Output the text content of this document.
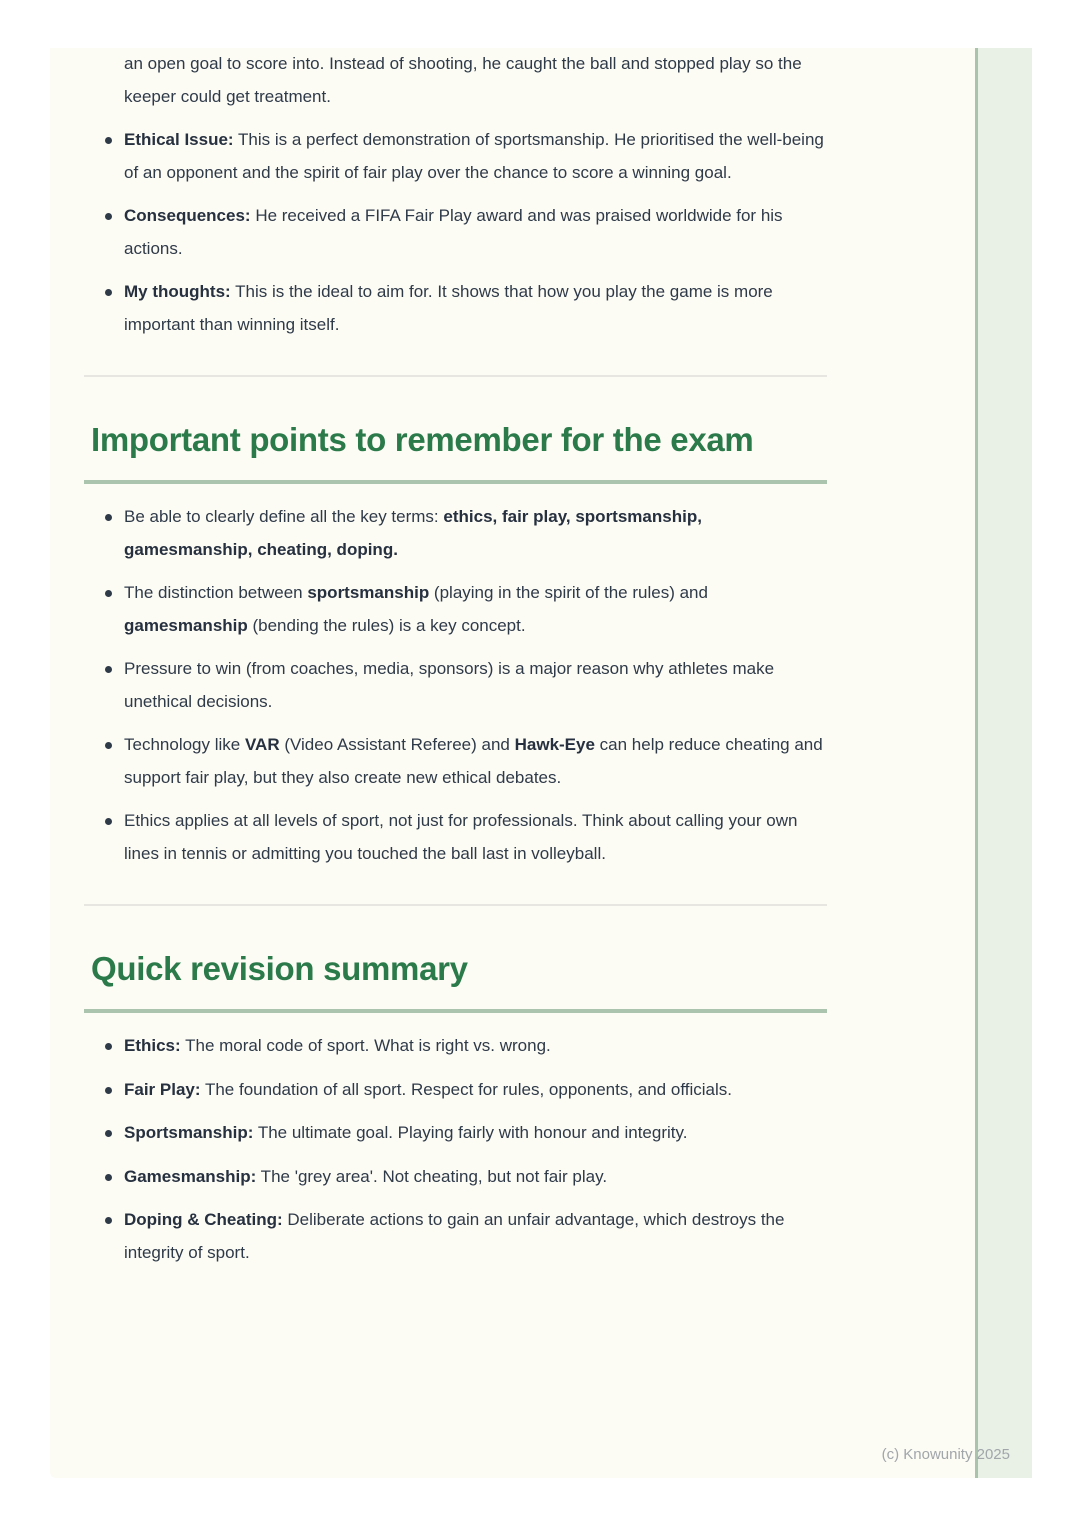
an open goal to score into. Instead of shooting, he caught the ball and stopped play so the keeper could get treatment.

Ethical Issue: This is a perfect demonstration of sportsmanship. He prioritised the well-being of an opponent and the spirit of fair play over the chance to score a winning goal.
Consequences: He received a FIFA Fair Play award and was praised worldwide for his actions.
My thoughts: This is the ideal to aim for. It shows that how you play the game is more important than winning itself.
Important points to remember for the exam
Be able to clearly define all the key terms: ethics, fair play, sportsmanship, gamesmanship, cheating, doping.
The distinction between sportsmanship (playing in the spirit of the rules) and gamesmanship (bending the rules) is a key concept.
Pressure to win (from coaches, media, sponsors) is a major reason why athletes make unethical decisions.
Technology like VAR (Video Assistant Referee) and Hawk-Eye can help reduce cheating and support fair play, but they also create new ethical debates.
Ethics applies at all levels of sport, not just for professionals. Think about calling your own lines in tennis or admitting you touched the ball last in volleyball.
Quick revision summary
Ethics: The moral code of sport. What is right vs. wrong.
Fair Play: The foundation of all sport. Respect for rules, opponents, and officials.
Sportsmanship: The ultimate goal. Playing fairly with honour and integrity.
Gamesmanship: The 'grey area'. Not cheating, but not fair play.
Doping & Cheating: Deliberate actions to gain an unfair advantage, which destroys the integrity of sport.
(c) Knowunity 2025
